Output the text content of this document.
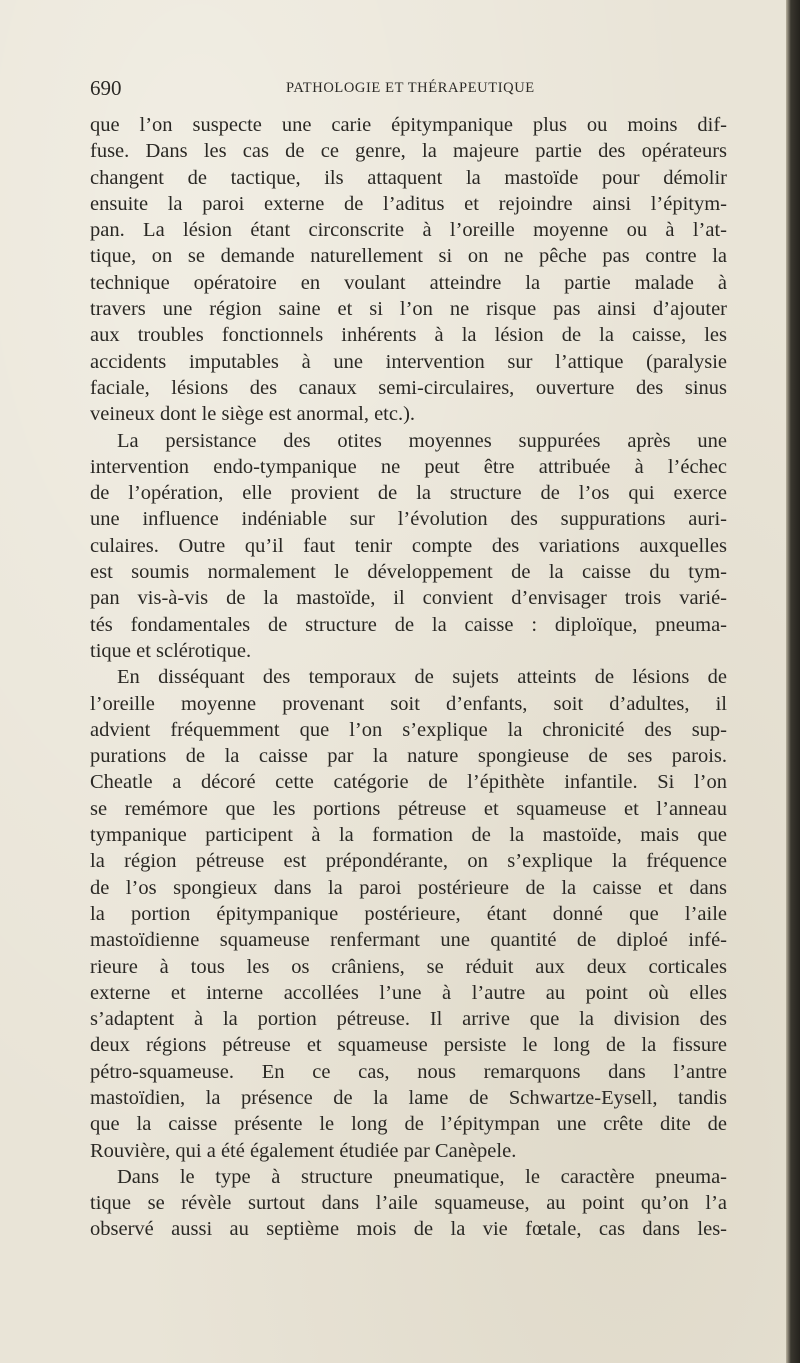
690	PATHOLOGIE ET THÉRAPEUTIQUE
que l’on suspecte une carie épitympanique plus ou moins dif-
fuse. Dans les cas de ce genre, la majeure partie des opérateurs
changent de tactique, ils attaquent la mastoïde pour démolir
ensuite la paroi externe de l’aditus et rejoindre ainsi l’épitym-
pan. La lésion étant circonscrite à l’oreille moyenne ou à l’at-
tique, on se demande naturellement si on ne pêche pas contre la
technique opératoire en voulant atteindre la partie malade à
travers une région saine et si l’on ne risque pas ainsi d’ajouter
aux troubles fonctionnels inhérents à la lésion de la caisse, les
accidents imputables à une intervention sur l’attique (paralysie
faciale, lésions des canaux semi-circulaires, ouverture des sinus
veineux dont le siège est anormal, etc.).
La persistance des otites moyennes suppurées après une
intervention endo-tympanique ne peut être attribuée à l’échec
de l’opération, elle provient de la structure de l’os qui exerce
une influence indéniable sur l’évolution des suppurations auri-
culaires. Outre qu’il faut tenir compte des variations auxquelles
est soumis normalement le développement de la caisse du tym-
pan vis-à-vis de la mastoïde, il convient d’envisager trois varié-
tés fondamentales de structure de la caisse : diploïque, pneuma-
tique et sclérotique.
En disséquant des temporaux de sujets atteints de lésions de
l’oreille moyenne provenant soit d’enfants, soit d’adultes, il
advient fréquemment que l’on s’explique la chronicité des sup-
purations de la caisse par la nature spongieuse de ses parois.
Cheatle a décoré cette catégorie de l’épithète infantile. Si l’on
se remémore que les portions pétreuse et squameuse et l’anneau
tympanique participent à la formation de la mastoïde, mais que
la région pétreuse est prépondérante, on s’explique la fréquence
de l’os spongieux dans la paroi postérieure de la caisse et dans
la portion épitympanique postérieure, étant donné que l’aile
mastoïdienne squameuse renfermant une quantité de diploé infé-
rieure à tous les os crâniens, se réduit aux deux corticales
externe et interne accollées l’une à l’autre au point où elles
s’adaptent à la portion pétreuse. Il arrive que la division des
deux régions pétreuse et squameuse persiste le long de la fissure
pétro-squameuse. En ce cas, nous remarquons dans l’antre
mastoïdien, la présence de la lame de Schwartze-Eysell, tandis
que la caisse présente le long de l’épitympan une crête dite de
Rouvière, qui a été également étudiée par Canèpele.
Dans le type à structure pneumatique, le caractère pneuma-
tique se révèle surtout dans l’aile squameuse, au point qu’on l’a
observé aussi au septième mois de la vie fœtale, cas dans les-
